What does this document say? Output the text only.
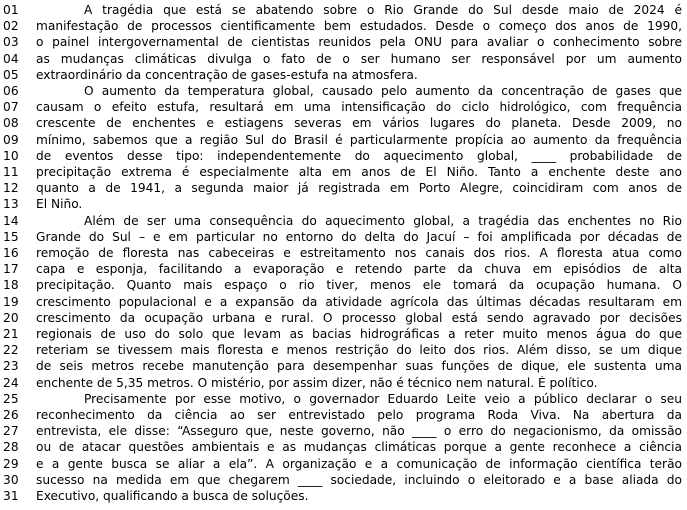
01	A tragédia que está se abatendo sobre o Rio Grande do Sul desde maio de 2024 é
02	manifestação de processos cientificamente bem estudados. Desde o começo dos anos de 1990,
03	o painel intergovernamental de cientistas reunidos pela ONU para avaliar o conhecimento sobre
04	as mudanças climáticas divulga o fato de o ser humano ser responsável por um aumento
05	extraordinário da concentração de gases-estufa na atmosfera.
06	O aumento da temperatura global, causado pelo aumento da concentração de gases que
07	causam o efeito estufa, resultará em uma intensificação do ciclo hidrológico, com frequência
08	crescente de enchentes e estiagens severas em vários lugares do planeta. Desde 2009, no
09	mínimo, sabemos que a região Sul do Brasil é particularmente propícia ao aumento da frequência
10	de eventos desse tipo: independentemente do aquecimento global, ____ probabilidade de
11	precipitação extrema é especialmente alta em anos de El Niño. Tanto a enchente deste ano
12	quanto a de 1941, a segunda maior já registrada em Porto Alegre, coincidiram com anos de
13	El Niño.
14	Além de ser uma consequência do aquecimento global, a tragédia das enchentes no Rio
15	Grande do Sul – e em particular no entorno do delta do Jacuí – foi amplificada por décadas de
16	remoção de floresta nas cabeceiras e estreitamento nos canais dos rios. A floresta atua como
17	capa e esponja, facilitando a evaporação e retendo parte da chuva em episódios de alta
18	precipitação. Quanto mais espaço o rio tiver, menos ele tomará da ocupação humana. O
19	crescimento populacional e a expansão da atividade agrícola das últimas décadas resultaram em
20	crescimento da ocupação urbana e rural. O processo global está sendo agravado por decisões
21	regionais de uso do solo que levam as bacias hidrográficas a reter muito menos água do que
22	reteriam se tivessem mais floresta e menos restrição do leito dos rios. Além disso, se um dique
23	de seis metros recebe manutenção para desempenhar suas funções de dique, ele sustenta uma
24	enchente de 5,35 metros. O mistério, por assim dizer, não é técnico nem natural. É político.
25	Precisamente por esse motivo, o governador Eduardo Leite veio a público declarar o seu
26	reconhecimento da ciência ao ser entrevistado pelo programa Roda Viva. Na abertura da
27	entrevista, ele disse: “Asseguro que, neste governo, não ____ o erro do negacionismo, da omissão
28	ou de atacar questões ambientais e as mudanças climáticas porque a gente reconhece a ciência
29	e a gente busca se aliar a ela”. A organização e a comunicação de informação científica terão
30	sucesso na medida em que chegarem ____ sociedade, incluindo o eleitorado e a base aliada do
31	Executivo, qualificando a busca de soluções.
